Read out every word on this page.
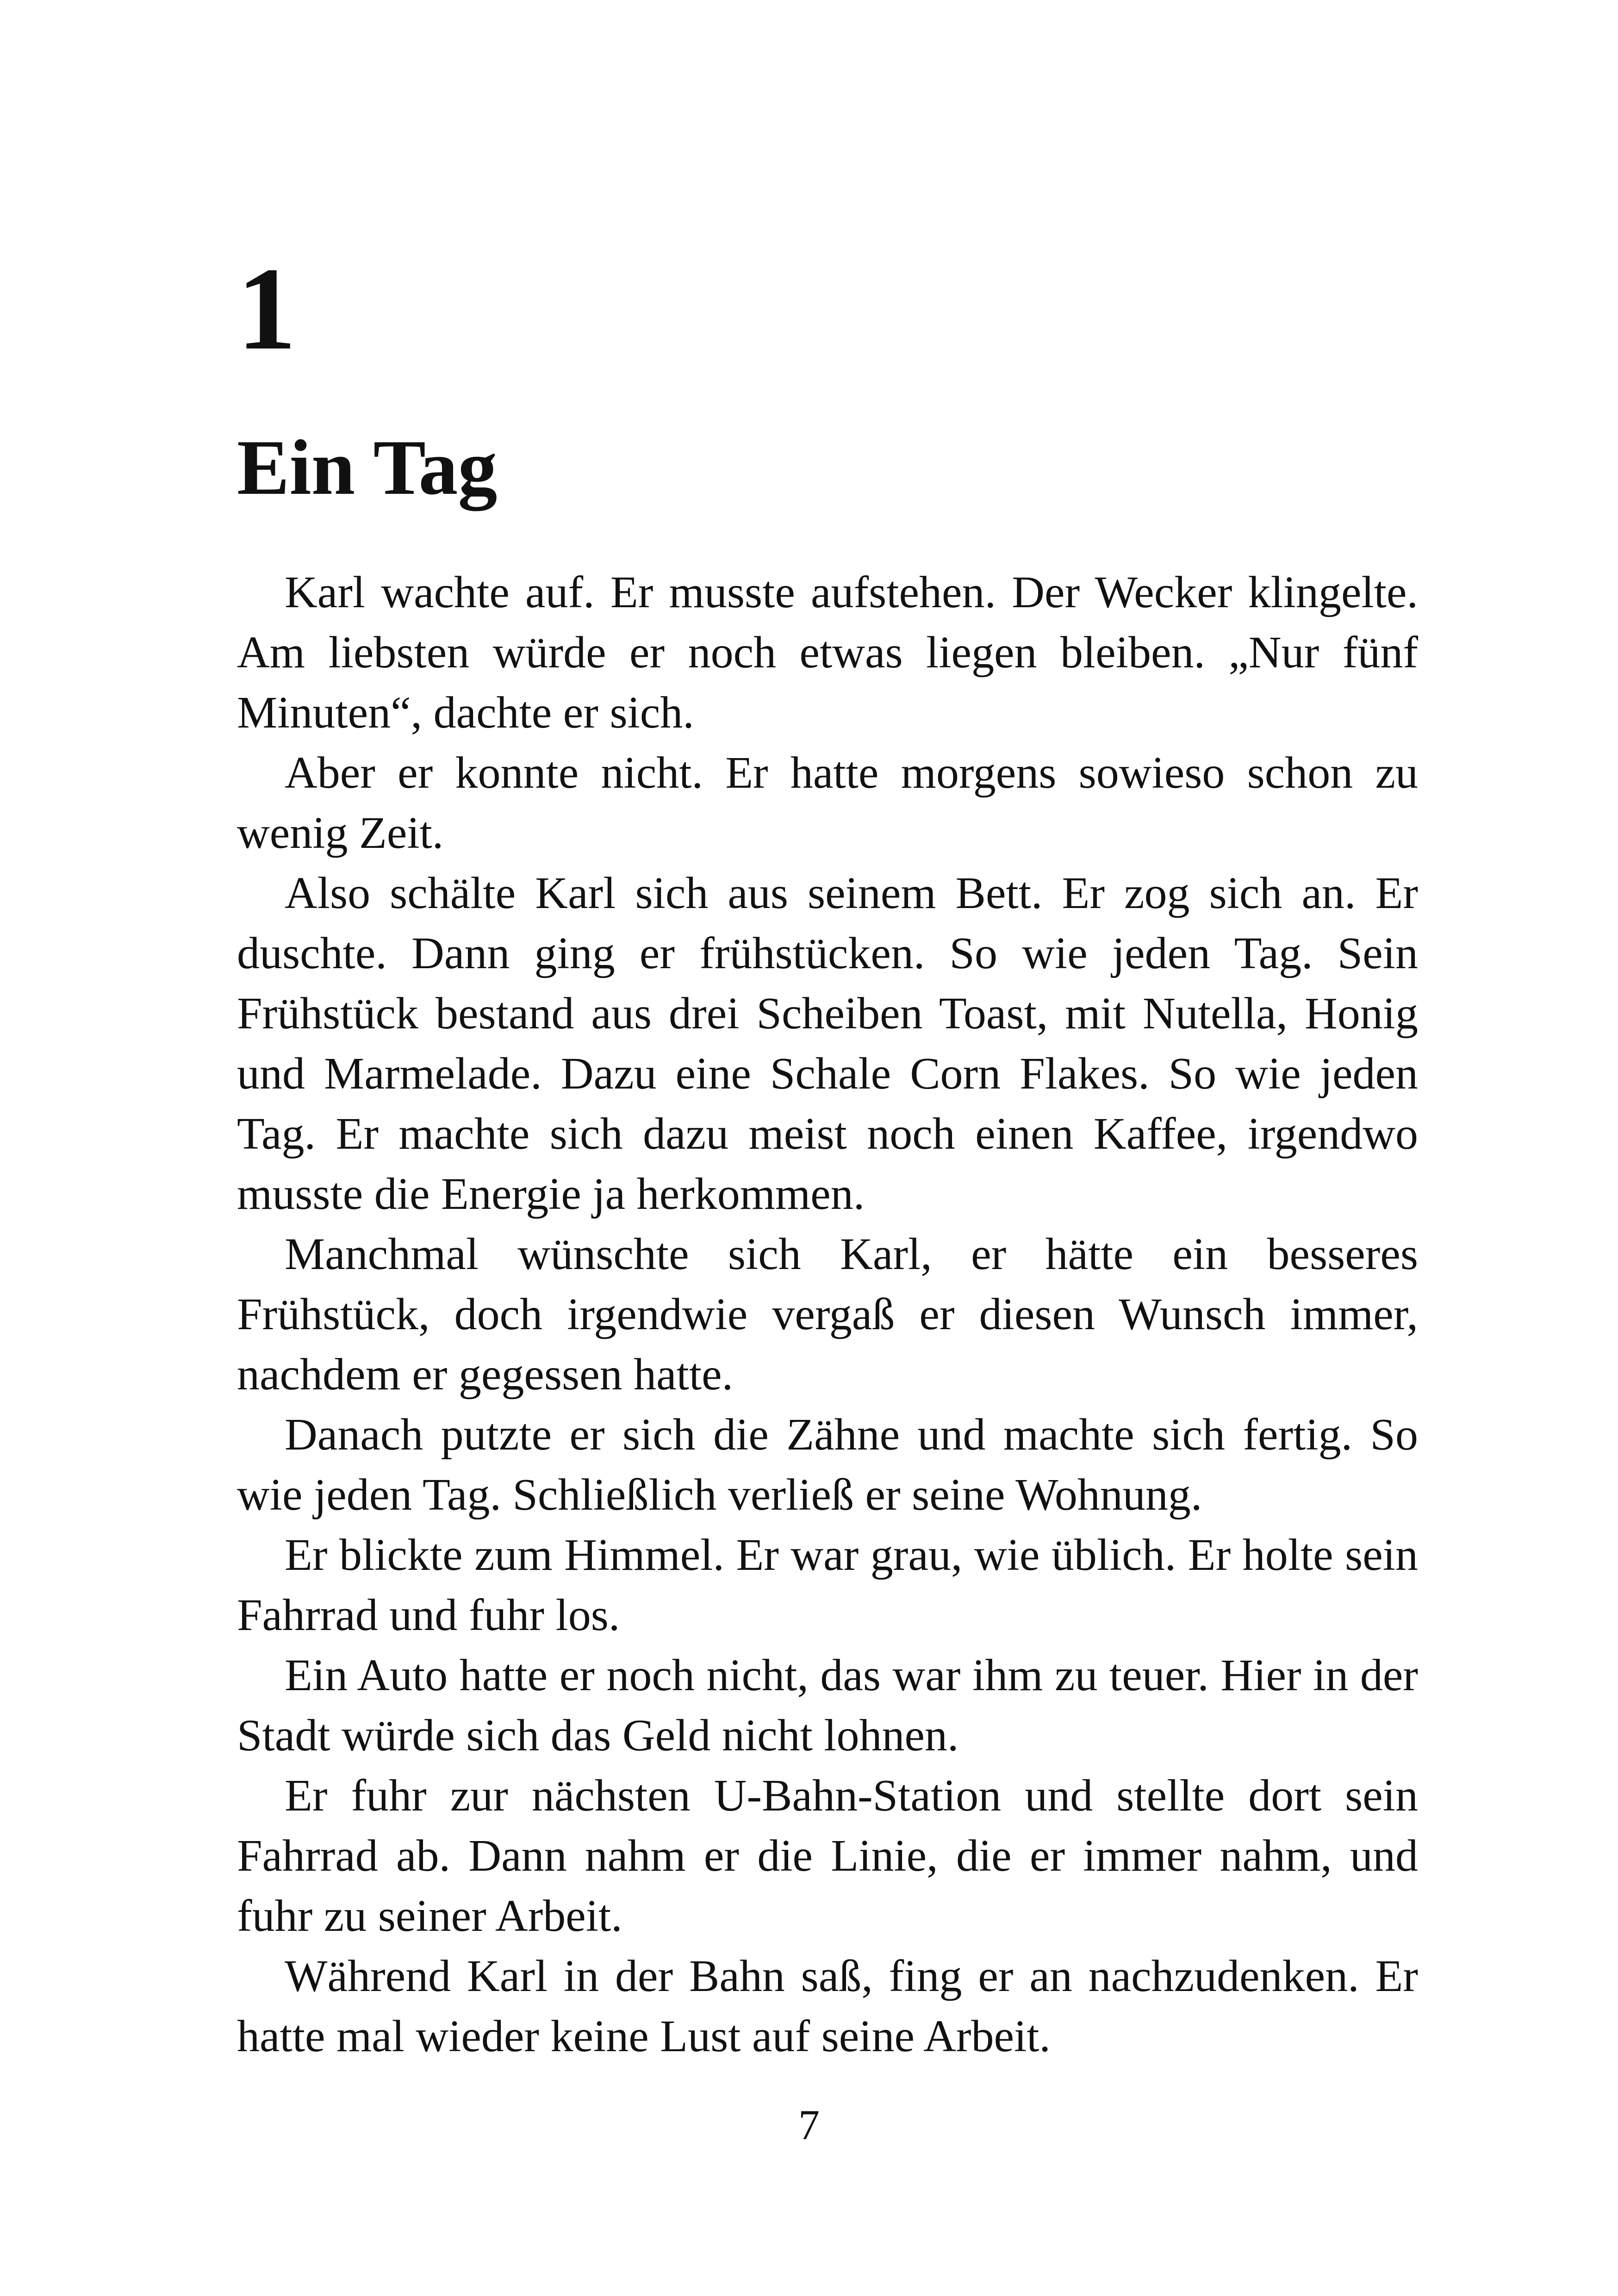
1
Ein Tag

Karl wachte auf. Er musste aufstehen. Der Wecker klingelte. Am liebsten würde er noch etwas liegen bleiben. „Nur fünf Minuten“, dachte er sich.

Aber er konnte nicht. Er hatte morgens sowieso schon zu wenig Zeit.

Also schälte Karl sich aus seinem Bett. Er zog sich an. Er duschte. Dann ging er frühstücken. So wie jeden Tag. Sein Frühstück bestand aus drei Scheiben Toast, mit Nutella, Honig und Marmelade. Dazu eine Schale Corn Flakes. So wie jeden Tag. Er machte sich dazu meist noch einen Kaffee, irgendwo musste die Energie ja herkommen.

Manchmal wünschte sich Karl, er hätte ein besseres Frühstück, doch irgendwie vergaß er diesen Wunsch immer, nachdem er gegessen hatte.

Danach putzte er sich die Zähne und machte sich fertig. So wie jeden Tag. Schließlich verließ er seine Wohnung.

Er blickte zum Himmel. Er war grau, wie üblich. Er holte sein Fahrrad und fuhr los.

Ein Auto hatte er noch nicht, das war ihm zu teuer. Hier in der Stadt würde sich das Geld nicht lohnen.

Er fuhr zur nächsten U-Bahn-Station und stellte dort sein Fahrrad ab. Dann nahm er die Linie, die er immer nahm, und fuhr zu seiner Arbeit.

Während Karl in der Bahn saß, fing er an nachzudenken. Er hatte mal wieder keine Lust auf seine Arbeit.

7
